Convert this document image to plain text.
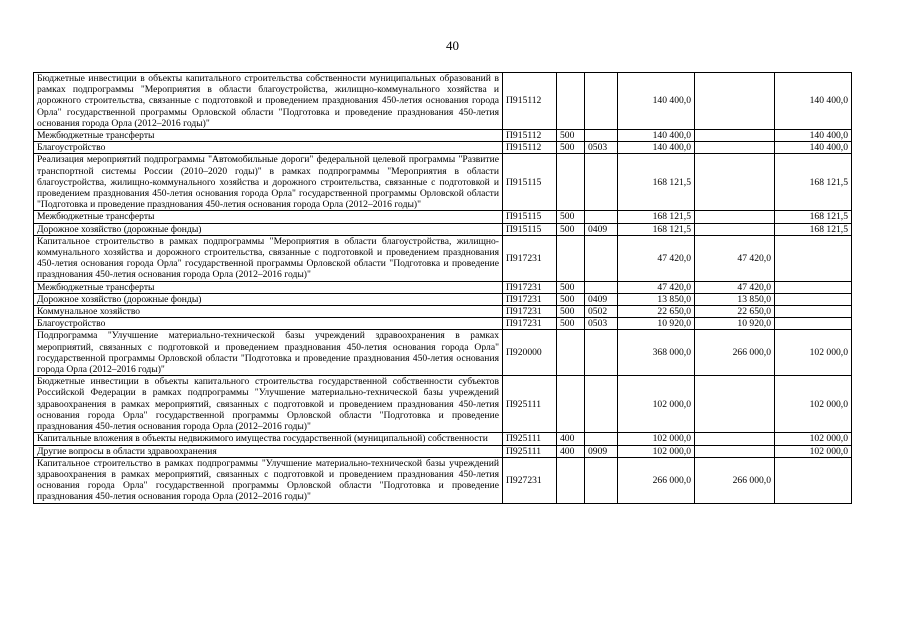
40
Бюджетные инвестиции в объекты капитального строительства собственности муниципальных образований в рамках подпрограммы "Мероприятия в области благоустройства, жилищно-коммунального хозяйства и дорожного строительства, связанные с подготовкой и проведением празднования 450-летия основания города Орла" государственной программы Орловской области "Подготовка и проведение празднования 450-летия основания города Орла (2012–2016 годы)"	П915112			140 400,0		140 400,0
Межбюджетные трансферты	П915112	500		140 400,0		140 400,0
Благоустройство	П915112	500	0503	140 400,0		140 400,0
Реализация мероприятий подпрограммы "Автомобильные дороги" федеральной целевой программы "Развитие транспортной системы России (2010–2020 годы)" в рамках подпрограммы "Мероприятия в области благоустройства, жилищно-коммунального хозяйства и дорожного строительства, связанные с подготовкой и проведением празднования 450-летия основания города Орла" государственной программы Орловской области "Подготовка и проведение празднования 450-летия основания города Орла (2012–2016 годы)"	П915115			168 121,5		168 121,5
Межбюджетные трансферты	П915115	500		168 121,5		168 121,5
Дорожное хозяйство (дорожные фонды)	П915115	500	0409	168 121,5		168 121,5
Капитальное строительство в рамках подпрограммы "Мероприятия в области благоустройства, жилищно-коммунального хозяйства и дорожного строительства, связанные с подготовкой и проведением празднования 450-летия основания города Орла" государственной программы Орловской области "Подготовка и проведение празднования 450-летия основания города Орла (2012–2016 годы)"	П917231			47 420,0	47 420,0	
Межбюджетные трансферты	П917231	500		47 420,0	47 420,0	
Дорожное хозяйство (дорожные фонды)	П917231	500	0409	13 850,0	13 850,0	
Коммунальное хозяйство	П917231	500	0502	22 650,0	22 650,0	
Благоустройство	П917231	500	0503	10 920,0	10 920,0	
Подпрограмма "Улучшение материально-технической базы учреждений здравоохранения в рамках мероприятий, связанных с подготовкой и проведением празднования 450-летия основания города Орла" государственной программы Орловской области "Подготовка и проведение празднования 450-летия основания города Орла (2012–2016 годы)"	П920000			368 000,0	266 000,0	102 000,0
Бюджетные инвестиции в объекты капитального строительства государственной собственности субъектов Российской Федерации в рамках подпрограммы "Улучшение материально-технической базы учреждений здравоохранения в рамках мероприятий, связанных с подготовкой и проведением празднования 450-летия основания города Орла" государственной программы Орловской области "Подготовка и проведение празднования 450-летия основания города Орла (2012–2016 годы)"	П925111			102 000,0		102 000,0
Капитальные вложения в объекты недвижимого имущества государственной (муниципальной) собственности	П925111	400		102 000,0		102 000,0
Другие вопросы в области здравоохранения	П925111	400	0909	102 000,0		102 000,0
Капитальное строительство в рамках подпрограммы "Улучшение материально-технической базы учреждений здравоохранения в рамках мероприятий, связанных с подготовкой и проведением празднования 450-летия основания города Орла" государственной программы Орловской области "Подготовка и проведение празднования 450-летия основания города Орла (2012–2016 годы)"	П927231			266 000,0	266 000,0	
